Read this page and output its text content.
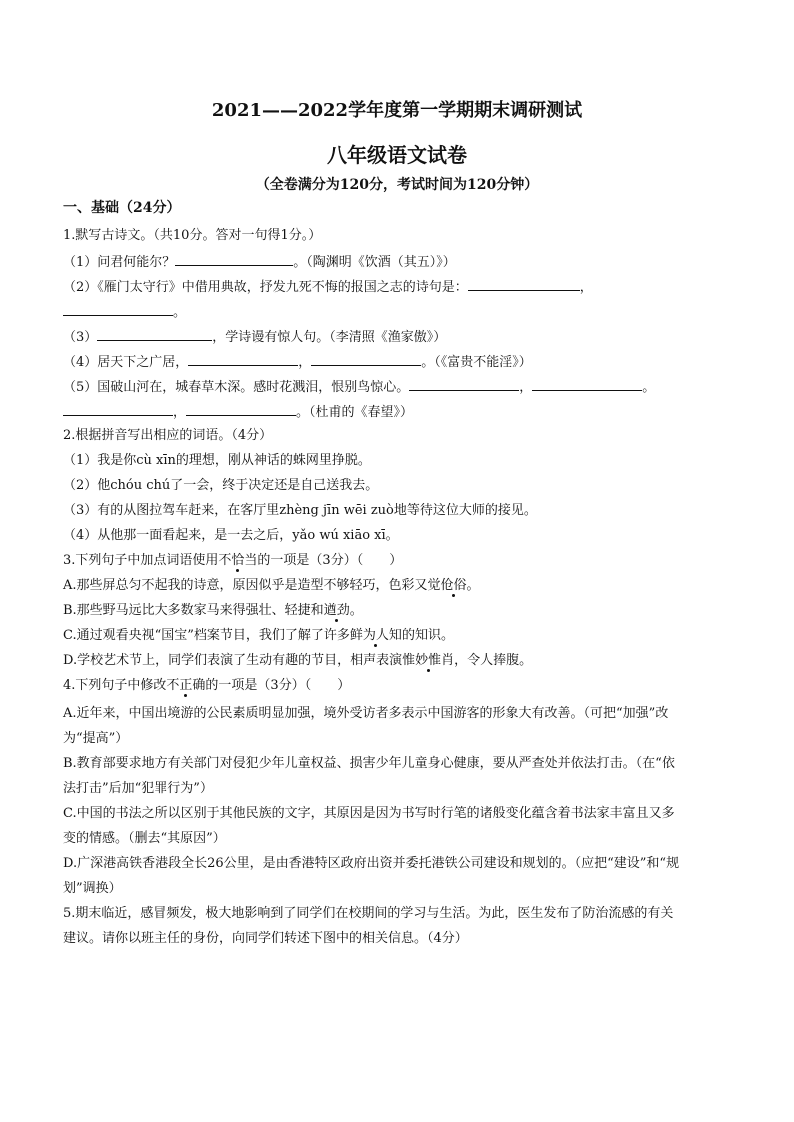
2021——2022学年度第一学期期末调研测试
八年级语文试卷
（全卷满分为120分，考试时间为120分钟）
一、基础（24分）
1.默写古诗文。（共10分。答对一句得1分。）
（1）问君何能尔？	。（陶渊明《饮酒（其五）》）
（2）《雁门太守行》中借用典故，抒发九死不悔的报国之志的诗句是：	，
。
（3）	，学诗谩有惊人句。（李清照《渔家傲》）
（4）居天下之广居，	，	。（《富贵不能淫》）
（5）国破山河在，城春草木深。感时花溅泪，恨别鸟惊心。	，	。
，	。（杜甫的《春望》）
2.根据拼音写出相应的词语。（4分）
（1）我是你cù xīn的理想，刚从神话的蛛网里挣脱。
（2）他chóu chú了一会，终于决定还是自己送我去。
（3）有的从图拉驾车赶来，在客厅里zhèng jīn wēi zuò地等待这位大师的接见。
（4）从他那一面看起来，是一去之后，yǎo wú xiāo xī。
3.下列句子中加点词语使用不恰当的一项是（3分）（　　）
A.那些屏总匀不起我的诗意，原因似乎是造型不够轻巧，色彩又觉伧俗。
B.那些野马远比大多数家马来得强壮、轻捷和遒劲。
C.通过观看央视“国宝”档案节目，我们了解了许多鲜为人知的知识。
D.学校艺术节上，同学们表演了生动有趣的节目，相声表演惟妙惟肖，令人捧腹。
4.下列句子中修改不正确的一项是（3分）（　　）
A.近年来，中国出境游的公民素质明显加强，境外受访者多表示中国游客的形象大有改善。（可把“加强”改
为“提高”）
B.教育部要求地方有关部门对侵犯少年儿童权益、损害少年儿童身心健康，要从严查处并依法打击。（在“依
法打击”后加“犯罪行为”）
C.中国的书法之所以区别于其他民族的文字，其原因是因为书写时行笔的诸般变化蕴含着书法家丰富且又多
变的情感。（删去“其原因”）
D.广深港高铁香港段全长26公里，是由香港特区政府出资并委托港铁公司建设和规划的。（应把“建设”和“规
划”调换）
5.期末临近，感冒频发，极大地影响到了同学们在校期间的学习与生活。为此，医生发布了防治流感的有关
建议。请你以班主任的身份，向同学们转述下图中的相关信息。（4分）
